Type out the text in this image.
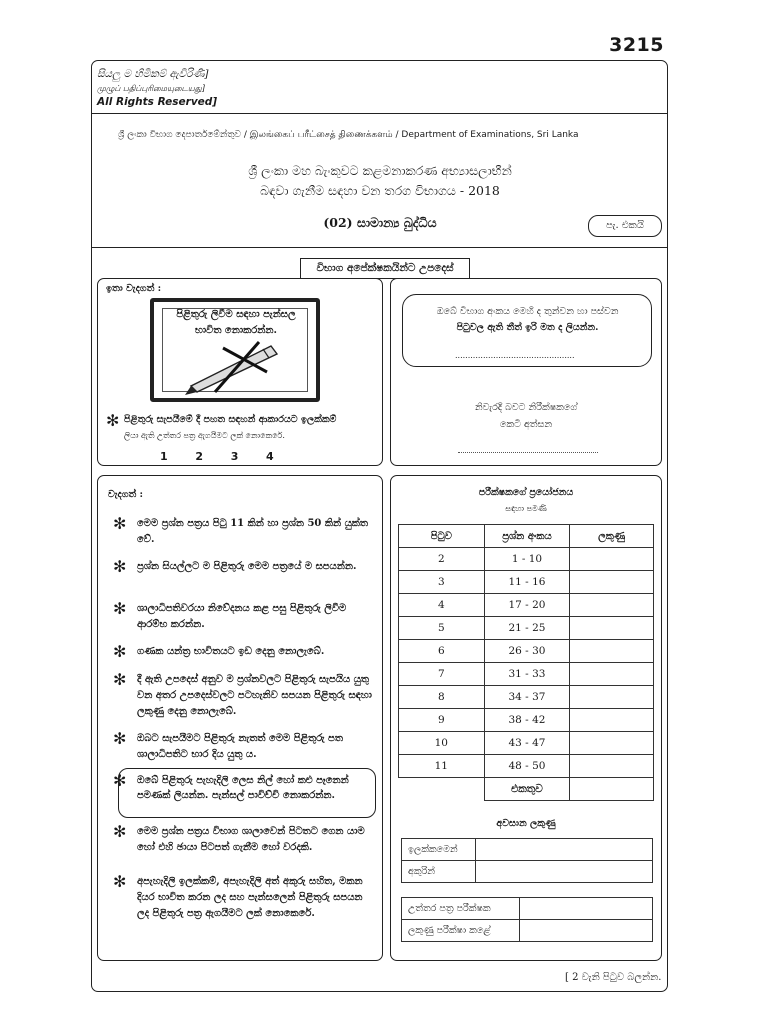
3215
සියලු ම හිමිකම් ඇවිරිණි]
முழுப் பதிப்புரிமையுடையது]
All Rights Reserved]
ශ්‍රී ලංකා විභාග දෙපාර්තමේන්තුව / இலங்கைப் பரீட்சைத் திணைக்களம் / Department of Examinations, Sri Lanka
ශ්‍රී ලංකා මහ බැංකුවට කළමනාකරණ අභ්‍යාසලාභීන්
බඳවා ගැනීම සඳහා වන තරග විභාගය - 2018
(02) සාමාන්‍ය බුද්ධිය	පැ. එකයි
විභාග අපේක්ෂකයින්ට උපදෙස්
ඉතා වැදගත් :
පිළිතුරු ලිවීම සඳහා පැන්සල
භාවිත නොකරන්න.
✻ පිළිතුරු සැපයීමේ දී පහත සඳහන් ආකාරයට ඉලක්කම්
ලියා ඇති උත්තර පත්‍ර ඇගයීමට ලක් නොකෙරේ.
1	2	3	4
ඔබේ විභාග අංකය මෙහි ද තුන්වන හා පස්වන
පිටුවල ඇති තීත් ඉරි මත ද ලියන්න.
...............................................
නිවැරදි බවට නිරීක්ෂකගේ
කෙටි අත්සන
වැදගත් :
✻ මෙම ප්‍රශ්න පත්‍රය පිටු 11 කින් හා ප්‍රශ්න 50 කින් යුක්ත වේ.
✻ ප්‍රශ්න සියල්ලට ම පිළිතුරු මෙම පත්‍රයේ ම සපයන්න.
✻ ශාලාධිපතිවරයා නිවේදනය කළ පසු පිළිතුරු ලිවීම ආරම්භ කරන්න.
✻ ගණක යන්ත්‍ර භාවිතයට ඉඩ දෙනු නොලැබේ.
✻ දී ඇති උපදෙස් අනුව ම ප්‍රශ්නවලට පිළිතුරු සැපයිය යුතු වන අතර උපදෙස්වලට පටහැනිව සපයන පිළිතුරු සඳහා ලකුණු දෙනු නොලැබේ.
✻ ඔබට සැපයීමට පිළිතුරු නැතත් මෙම පිළිතුරු පත ශාලාධිපතිට භාර දිය යුතු ය.
✻ ඔබේ පිළිතුරු පැහැදිලි ලෙස නිල් හෝ කළු පෑනෙන් පමණක් ලියන්න. පැන්සල් පාවිච්චි නොකරන්න.
✻ මෙම ප්‍රශ්න පත්‍රය විභාග ශාලාවෙන් පිටතට ගෙන යාම හෝ එහි ඡායා පිටපත් ගැනීම හෝ වරදකි.
✻ අපැහැදිලි ඉලක්කම්, අපැහැදිලි අත් අකුරු සහිත, මකන දියර භාවිත කරන ලද සහ පැන්සලෙන් පිළිතුරු සපයන ලද පිළිතුරු පත්‍ර ඇගයීමට ලක් නොකෙරේ.
පරීක්ෂකගේ ප්‍රයෝජනය
සඳහා පමණි
පිටුව	ප්‍රශ්න අංකය	ලකුණු
2	1 - 10	
3	11 - 16	
4	17 - 20	
5	21 - 25	
6	26 - 30	
7	31 - 33	
8	34 - 37	
9	38 - 42	
10	43 - 47	
11	48 - 50	
	එකතුව	
අවසාන ලකුණු
ඉලක්කමෙන්	
අකුරින්	
උත්තර පත්‍ර පරීක්ෂක	
ලකුණු පරීක්ෂා කළේ	
[ 2 වැනි පිටුව බලන්න.
